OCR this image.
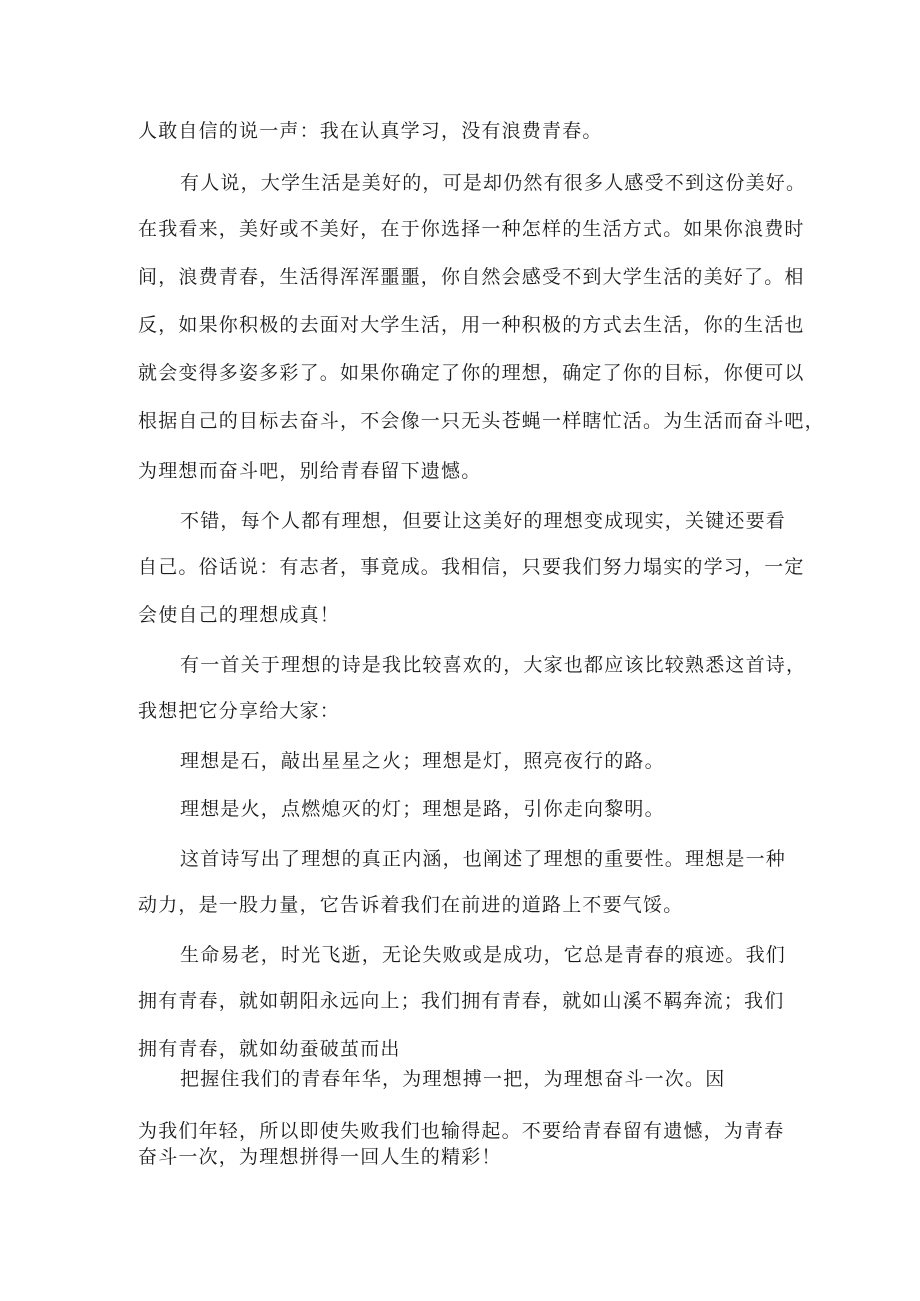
人敢自信的说一声：我在认真学习，没有浪费青春。
有人说，大学生活是美好的，可是却仍然有很多人感受不到这份美好。
在我看来，美好或不美好，在于你选择一种怎样的生活方式。如果你浪费时
间，浪费青春，生活得浑浑噩噩，你自然会感受不到大学生活的美好了。相
反，如果你积极的去面对大学生活，用一种积极的方式去生活，你的生活也
就会变得多姿多彩了。如果你确定了你的理想，确定了你的目标，你便可以
根据自己的目标去奋斗，不会像一只无头苍蝇一样瞎忙活。为生活而奋斗吧，
为理想而奋斗吧，别给青春留下遗憾。
不错，每个人都有理想，但要让这美好的理想变成现实，关键还要看
自己。俗话说：有志者，事竟成。我相信，只要我们努力塌实的学习，一定
会使自己的理想成真！
有一首关于理想的诗是我比较喜欢的，大家也都应该比较熟悉这首诗，
我想把它分享给大家：
理想是石，敲出星星之火；理想是灯，照亮夜行的路。
理想是火，点燃熄灭的灯；理想是路，引你走向黎明。
这首诗写出了理想的真正内涵，也阐述了理想的重要性。理想是一种
动力，是一股力量，它告诉着我们在前进的道路上不要气馁。
生命易老，时光飞逝，无论失败或是成功，它总是青春的痕迹。我们
拥有青春，就如朝阳永远向上；我们拥有青春，就如山溪不羁奔流；我们
拥有青春，就如幼蚕破茧而出
把握住我们的青春年华，为理想搏一把，为理想奋斗一次。因
为我们年轻，所以即使失败我们也输得起。不要给青春留有遗憾，为青春
奋斗一次，为理想拼得一回人生的精彩！
